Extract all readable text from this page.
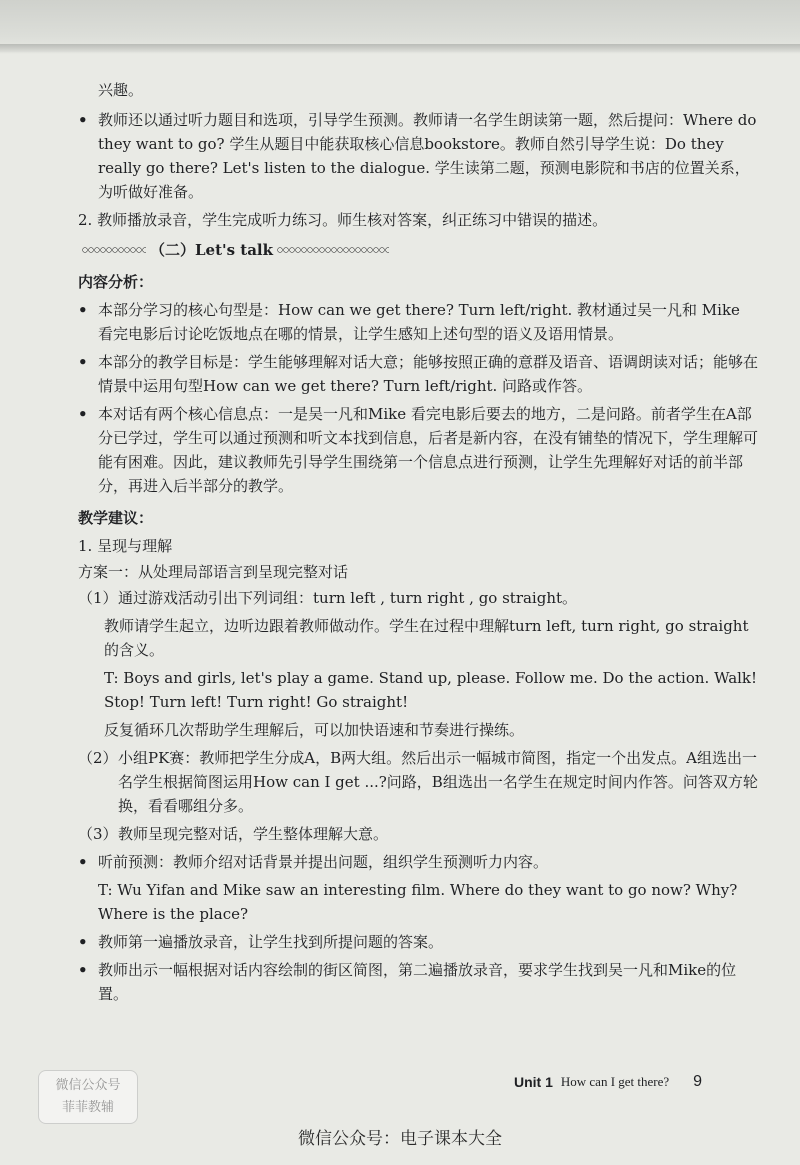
兴趣。

• 教师还以通过听力题目和选项，引导学生预测。教师请一名学生朗读第一题，然后提问：Where do they want to go? 学生从题目中能获取核心信息bookstore。教师自然引导学生说：Do they really go there? Let's listen to the dialogue. 学生读第二题，预测电影院和书店的位置关系，为听做好准备。

2. 教师播放录音，学生完成听力练习。师生核对答案，纠正练习中错误的描述。

（二）Let's talk

内容分析：

• 本部分学习的核心句型是：How can we get there? Turn left/right. 教材通过吴一凡和 Mike 看完电影后讨论吃饭地点在哪的情景，让学生感知上述句型的语义及语用情景。
• 本部分的教学目标是：学生能够理解对话大意；能够按照正确的意群及语音、语调朗读对话；能够在情景中运用句型How can we get there? Turn left/right. 问路或作答。
• 本对话有两个核心信息点：一是吴一凡和Mike 看完电影后要去的地方，二是问路。前者学生在A部分已学过，学生可以通过预测和听文本找到信息，后者是新内容，在没有铺垫的情况下，学生理解可能有困难。因此，建议教师先引导学生围绕第一个信息点进行预测，让学生先理解好对话的前半部分，再进入后半部分的教学。

教学建议：

1. 呈现与理解

方案一：从处理局部语言到呈现完整对话

（1） 通过游戏活动引出下列词组：turn left , turn right , go straight。

教师请学生起立，边听边跟着教师做动作。学生在过程中理解turn left, turn right, go straight的含义。

T: Boys and girls, let's play a game. Stand up, please. Follow me. Do the action. Walk! Stop! Turn left! Turn right! Go straight!

反复循环几次帮助学生理解后，可以加快语速和节奏进行操练。

（2） 小组PK赛：教师把学生分成A，B两大组。然后出示一幅城市简图，指定一个出发点。A组选出一名学生根据简图运用How can I get ...?问路，B组选出一名学生在规定时间内作答。问答双方轮换，看看哪组分多。
（3） 教师呈现完整对话，学生整体理解大意。
• 听前预测：教师介绍对话背景并提出问题，组织学生预测听力内容。

T: Wu Yifan and Mike saw an interesting film. Where do they want to go now? Why? Where is the place?

• 教师第一遍播放录音，让学生找到所提问题的答案。
• 教师出示一幅根据对话内容绘制的街区简图，第二遍播放录音，要求学生找到吴一凡和Mike的位置。
微信公众号
菲菲教辅
Unit 1 How can I get there? 9
微信公众号：电子课本大全
